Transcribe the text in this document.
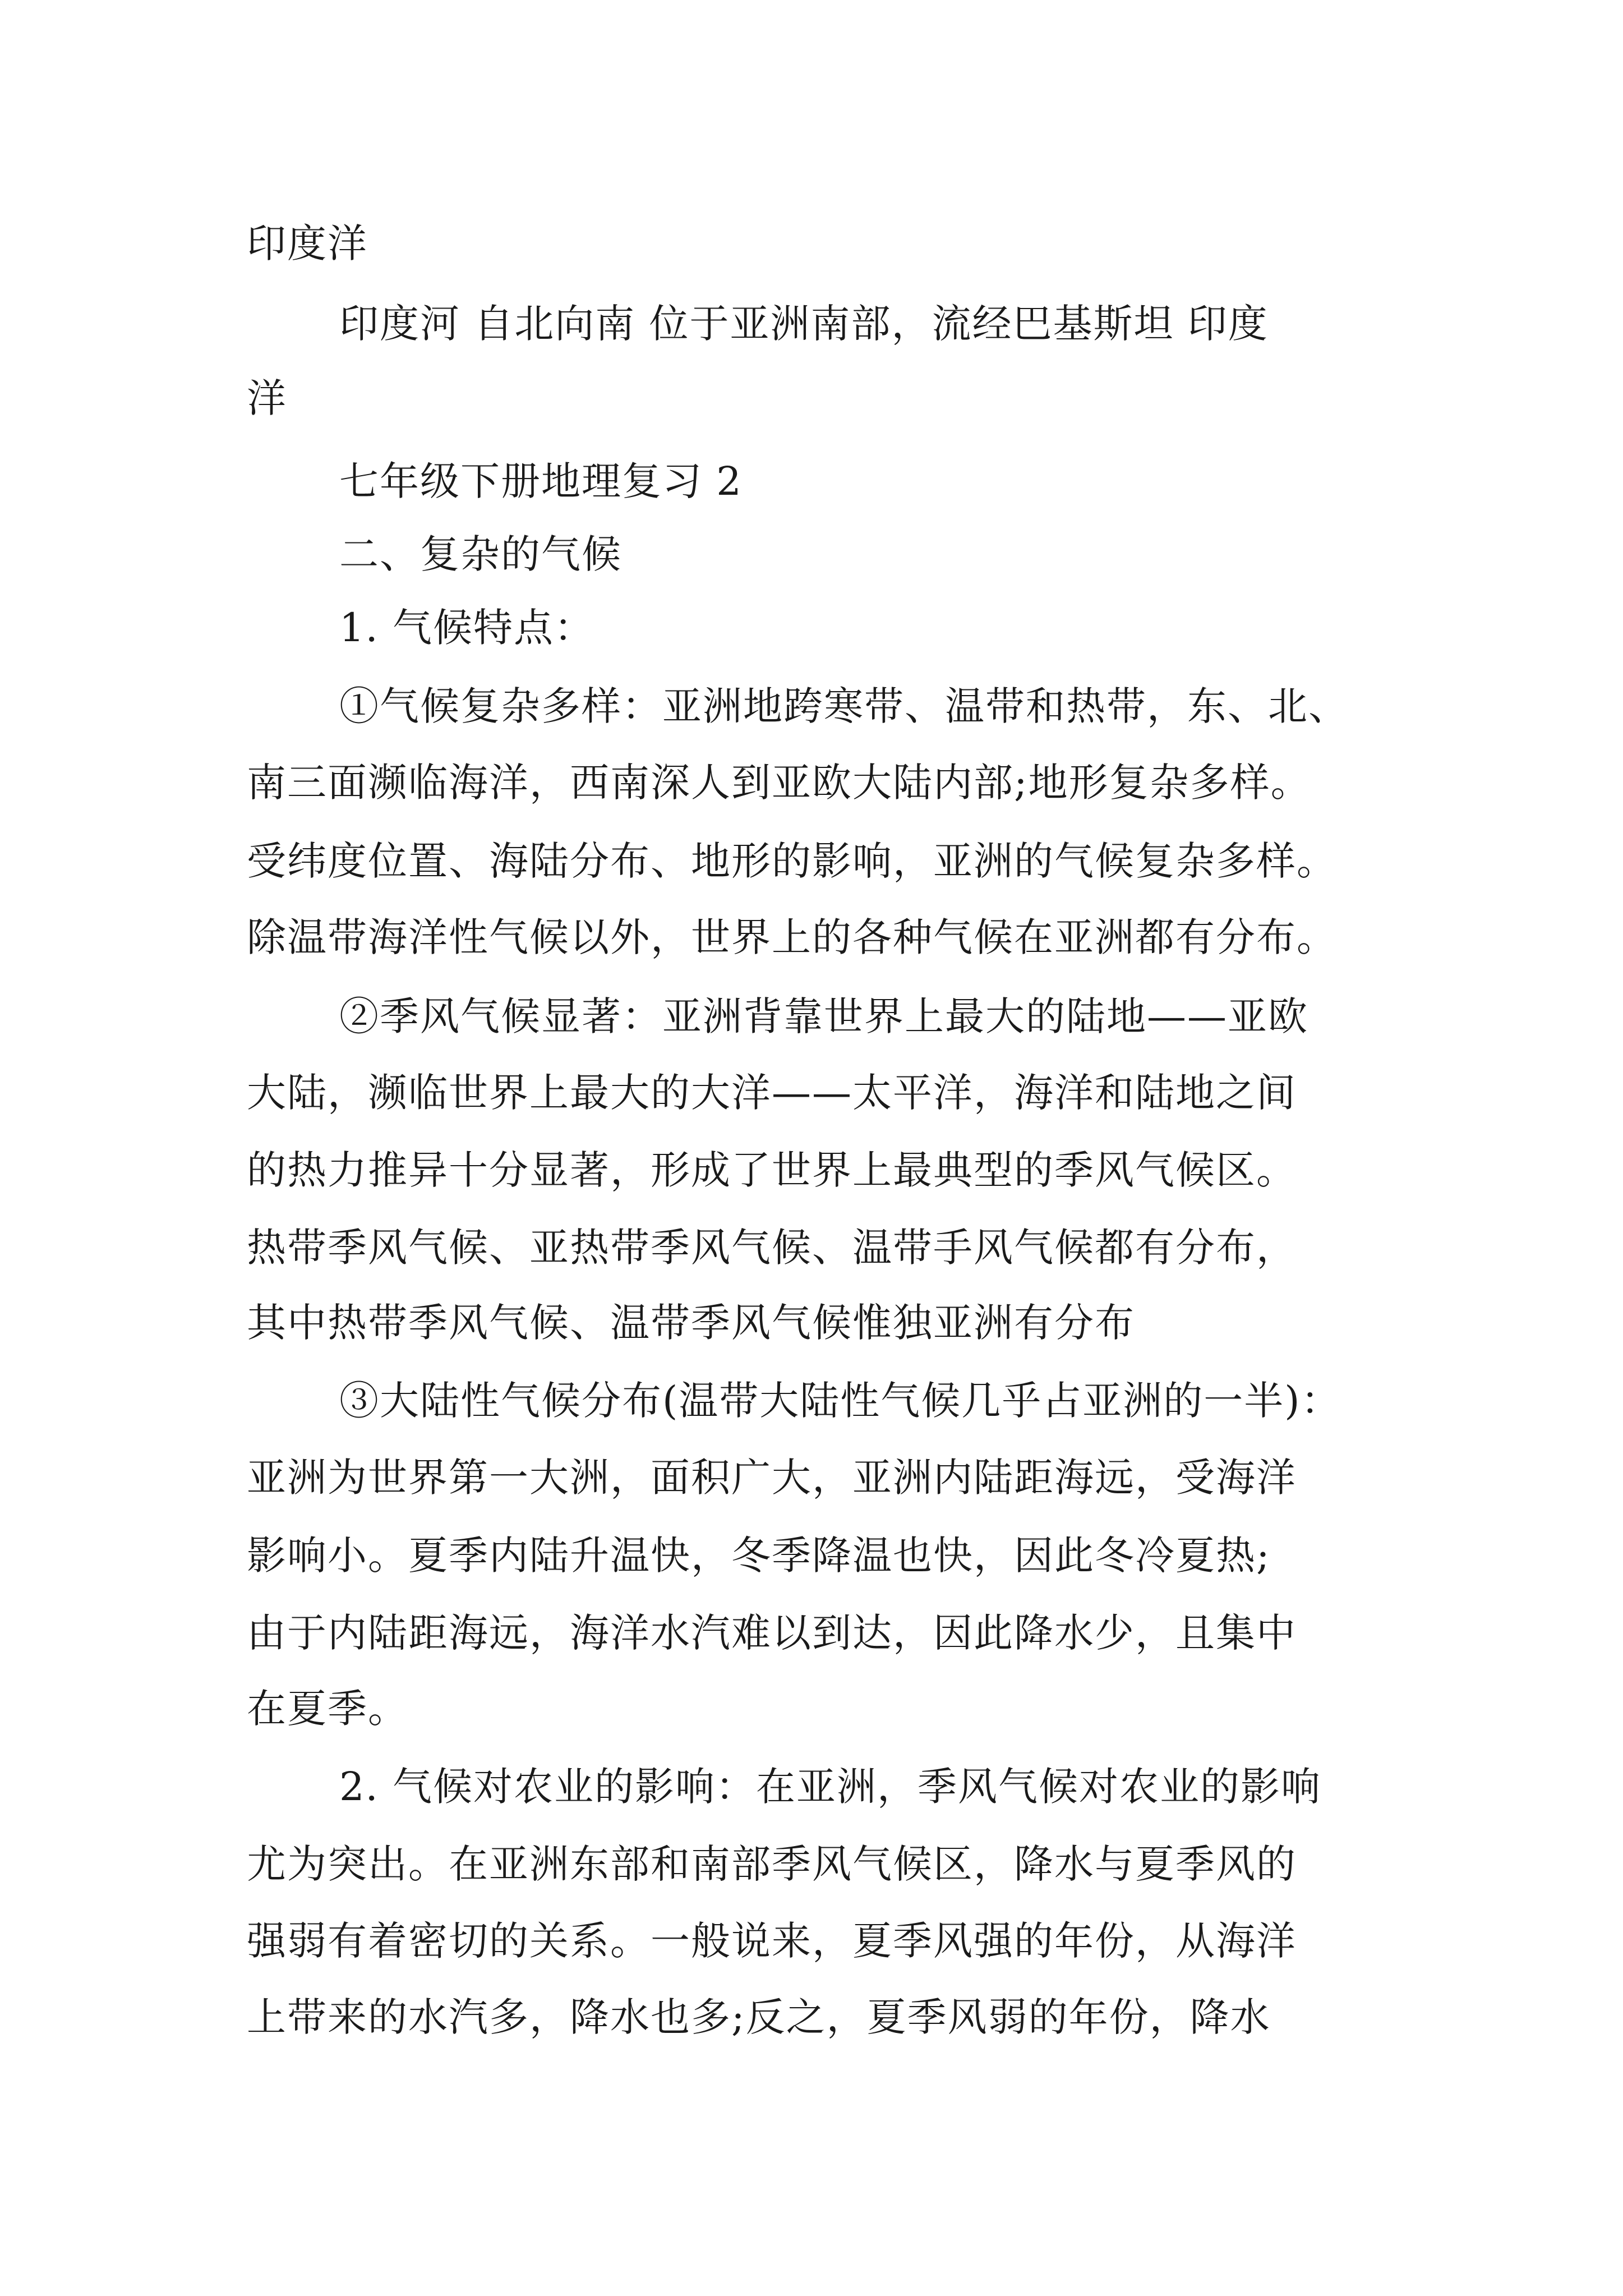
印度洋
印度河 自北向南 位于亚洲南部，流经巴基斯坦 印度
洋
七年级下册地理复习 2
二、复杂的气候
1. 气候特点：
①气候复杂多样：亚洲地跨寒带、温带和热带，东、北、
南三面濒临海洋，西南深人到亚欧大陆内部;地形复杂多样。
受纬度位置、海陆分布、地形的影响，亚洲的气候复杂多样。
除温带海洋性气候以外，世界上的各种气候在亚洲都有分布。
②季风气候显著：亚洲背靠世界上最大的陆地——亚欧
大陆，濒临世界上最大的大洋——太平洋，海洋和陆地之间
的热力推异十分显著，形成了世界上最典型的季风气候区。
热带季风气候、亚热带季风气候、温带手风气候都有分布，
其中热带季风气候、温带季风气候惟独亚洲有分布
③大陆性气候分布(温带大陆性气候几乎占亚洲的一半)：
亚洲为世界第一大洲，面积广大，亚洲内陆距海远，受海洋
影响小。夏季内陆升温快，冬季降温也快，因此冬冷夏热;
由于内陆距海远，海洋水汽难以到达，因此降水少，且集中
在夏季。
2. 气候对农业的影响：在亚洲，季风气候对农业的影响
尤为突出。在亚洲东部和南部季风气候区，降水与夏季风的
强弱有着密切的关系。一般说来，夏季风强的年份，从海洋
上带来的水汽多，降水也多;反之，夏季风弱的年份，降水
